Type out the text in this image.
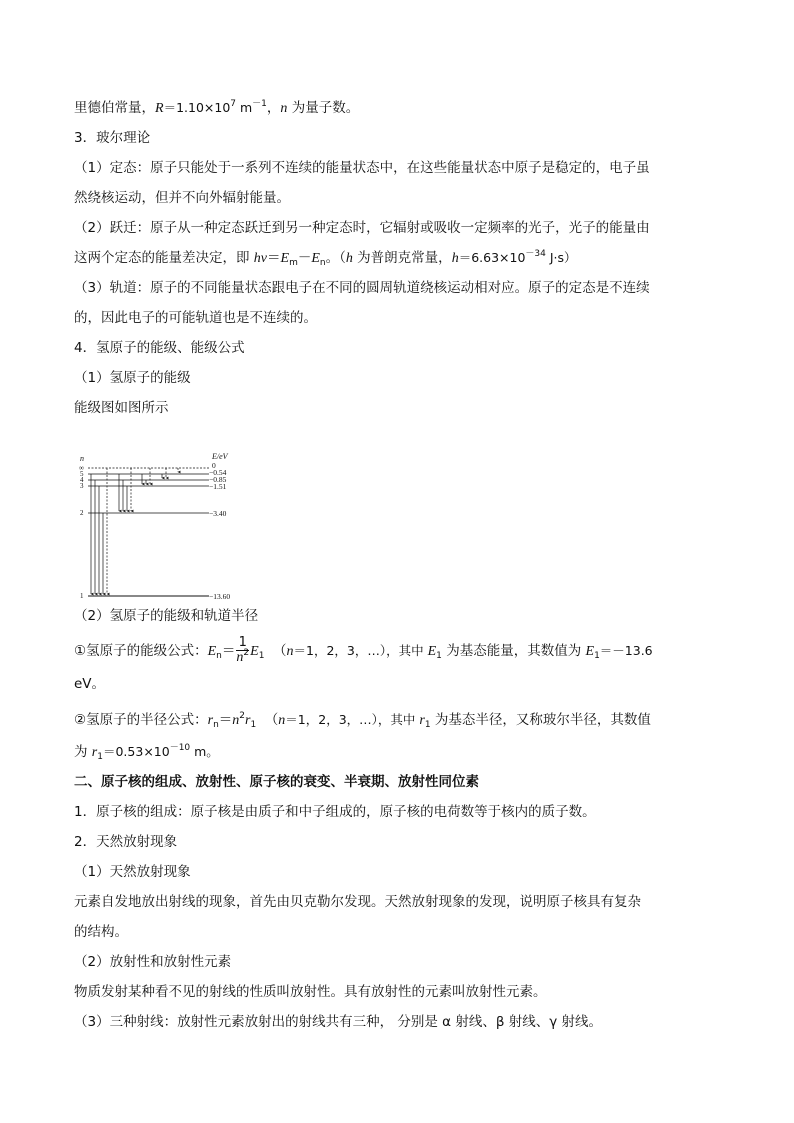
里德伯常量，$R=1.10\times 10^7$ $m^{-1}$，n 为量子数。
3．玻尔理论
（1）定态：原子只能处于一系列不连续的能量状态中，在这些能量状态中原子是稳定的，电子虽
然绕核运动，但并不向外辐射能量。
（2）跃迁：原子从一种定态跃迁到另一种定态时，它辐射或吸收一定频率的光子，光子的能量由
这两个定态的能量差决定，即 $h\nu=E_m-E_n$。（h 为普朗克常量，$h=6.63\times 10^{-34}$ J·s）
（3）轨道：原子的不同能量状态跟电子在不同的圆周轨道绕核运动相对应。原子的定态是不连续
的，因此电子的可能轨道也是不连续的。
4．氢原子的能级、能级公式
（1）氢原子的能级
能级图如图所示
n	E/eV
∞
5
4
3
2
1
0
−0.54
−0.85
−1.51
−3.40
−13.60
（2）氢原子的能级和轨道半径
①氢原子的能级公式：$E_n= \frac{1}{n^2} E_1$ （n＝1，2，3，…），其中 $E_1$ 为基态能量，其数值为 $E_1=-13.6$
eV。
②氢原子的半径公式：$r_n=n^2r_1$ （n＝1，2，3，…），其中 $r_1$ 为基态半径，又称玻尔半径，其数值
为 $r_1=0.53\times 10^{-10}$ m。
二、原子核的组成、放射性、原子核的衰变、半衰期、放射性同位素
1．原子核的组成：原子核是由质子和中子组成的，原子核的电荷数等于核内的质子数。
2．天然放射现象
（1）天然放射现象
元素自发地放出射线的现象，首先由贝克勒尔发现。天然放射现象的发现，说明原子核具有复杂
的结构。
（2）放射性和放射性元素
物质发射某种看不见的射线的性质叫放射性。具有放射性的元素叫放射性元素。
（3）三种射线：放射性元素放射出的射线共有三种， 分别是 α 射线、β 射线、γ 射线。
